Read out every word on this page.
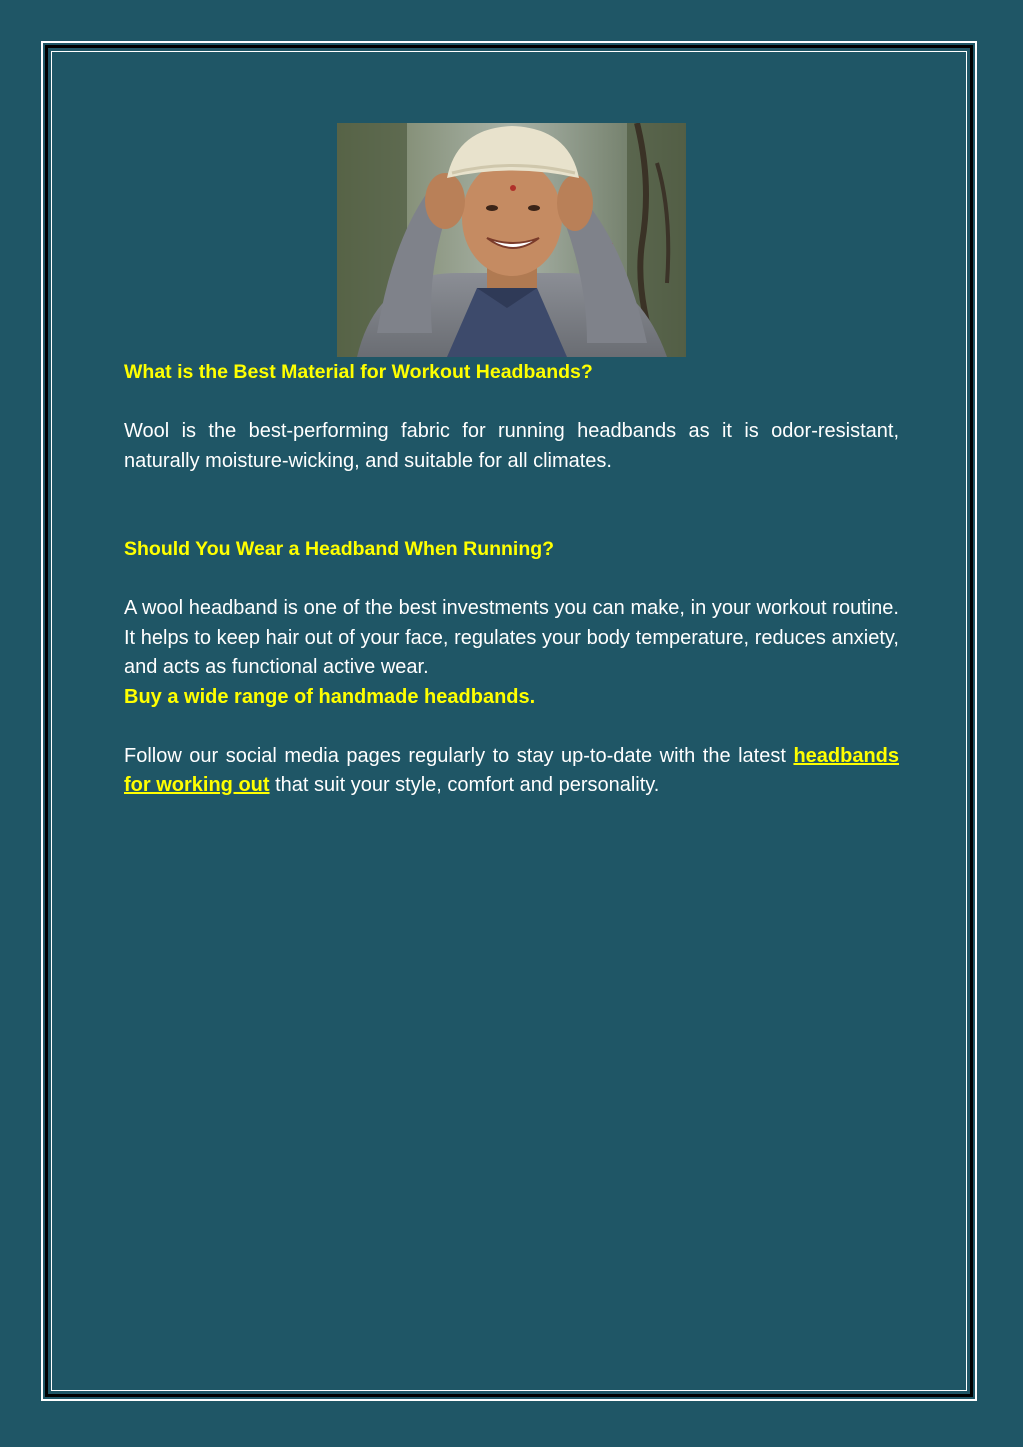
What is the Best Material for Workout Headbands?

Wool is the best-performing fabric for running headbands as it is odor-resistant, naturally moisture-wicking, and suitable for all climates.

Should You Wear a Headband When Running?

A wool headband is one of the best investments you can make, in your workout routine. It helps to keep hair out of your face, regulates your body temperature, reduces anxiety, and acts as functional active wear.

Buy a wide range of handmade headbands.

Follow our social media pages regularly to stay up-to-date with the latest headbands for working out that suit your style, comfort and personality.
